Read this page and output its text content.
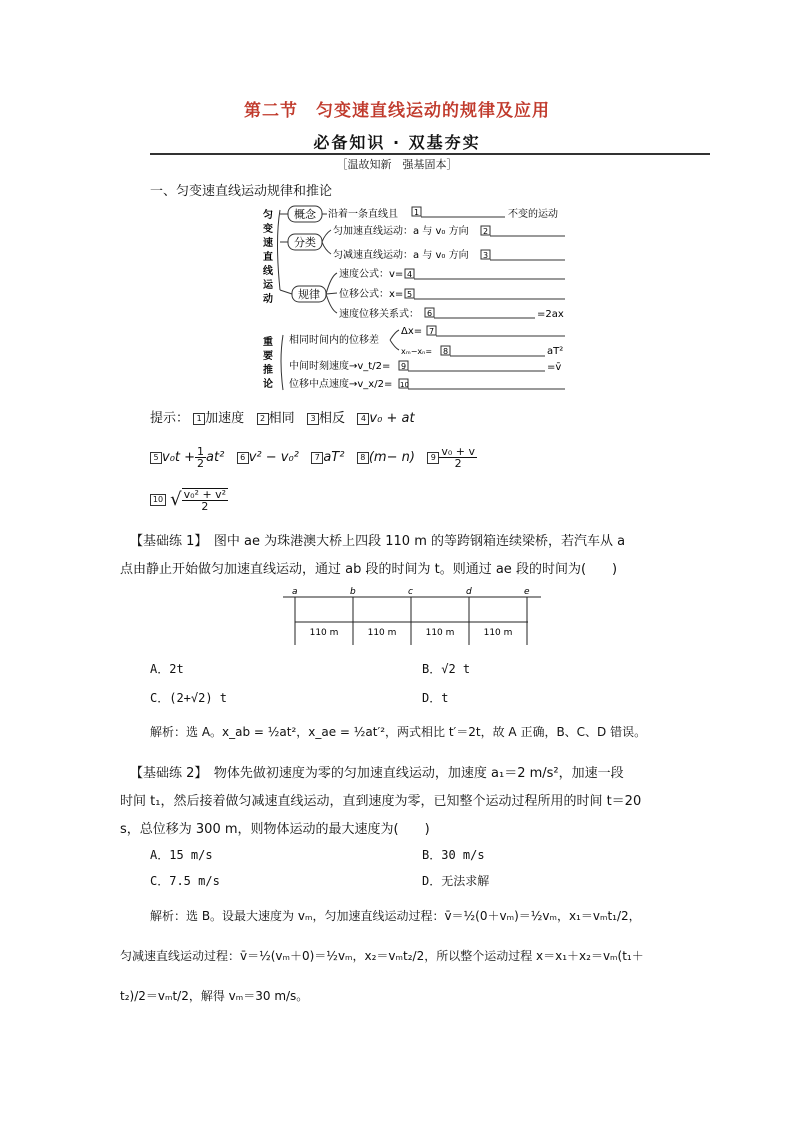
第二节　匀变速直线运动的规律及应用
必备知识 · 双基夯实
［温故知新　强基固本］
一、匀变速直线运动规律和推论
匀
变
速
直
线
运
动
概念
分类
规律
沿着一条直线且 1	不变的运动
匀加速直线运动：a 与 v₀ 方向 2
匀减速直线运动：a 与 v₀ 方向 3
速度公式：v= 4
位移公式：x= 5
速度位移关系式： 6	=2ax
重
要
推
论
相同时间内的位移差
Δx= 7
xₘ−xₙ= 8	aT²
中间时刻速度→v_t/2= 9	=v̄
位移中点速度→v_x/2= 10
提示： 1 加速度 2 相同 3 相反 4 v₀ + at
5 $v_0t + \frac{1}{2} at^2$ 6 v² − v₀² 7 aT² 8 (m− n) $9 \frac{\text{v₀ + v}}{2}$
10 √ $\frac{\text{v₀² + v²}}{2}$
【基础练 1】　图中 ae 为珠港澳大桥上四段 110 m 的等跨钢箱连续梁桥，若汽车从 a
点由静止开始做匀加速直线运动，通过 ab 段的时间为 t。则通过 ae 段的时间为(　　)
a	b	c	d	e
110 m	110 m	110 m	110 m
A．2t	B．√2 t
C．(2+√2) t	D．t
解析：选 A。x_ab = ½at²，x_ae = ½at′²，两式相比 t′＝2t，故 A 正确，B、C、D 错误。
【基础练 2】　物体先做初速度为零的匀加速直线运动，加速度 a₁＝2 m/s²，加速一段
时间 t₁，然后接着做匀减速直线运动，直到速度为零，已知整个运动过程所用的时间 t＝20
s，总位移为 300 m，则物体运动的最大速度为(　　)
A．15 m/s	B．30 m/s
C．7.5 m/s	D．无法求解
解析：选 B。设最大速度为 vₘ，匀加速直线运动过程：v̄＝½(0＋vₘ)＝½vₘ，x₁＝vₘt₁/2，
匀减速直线运动过程：v̄＝½(vₘ＋0)＝½vₘ，x₂＝vₘt₂/2，所以整个运动过程 x＝x₁＋x₂＝vₘ(t₁＋
t₂)/2＝vₘt/2，解得 vₘ＝30 m/s。
